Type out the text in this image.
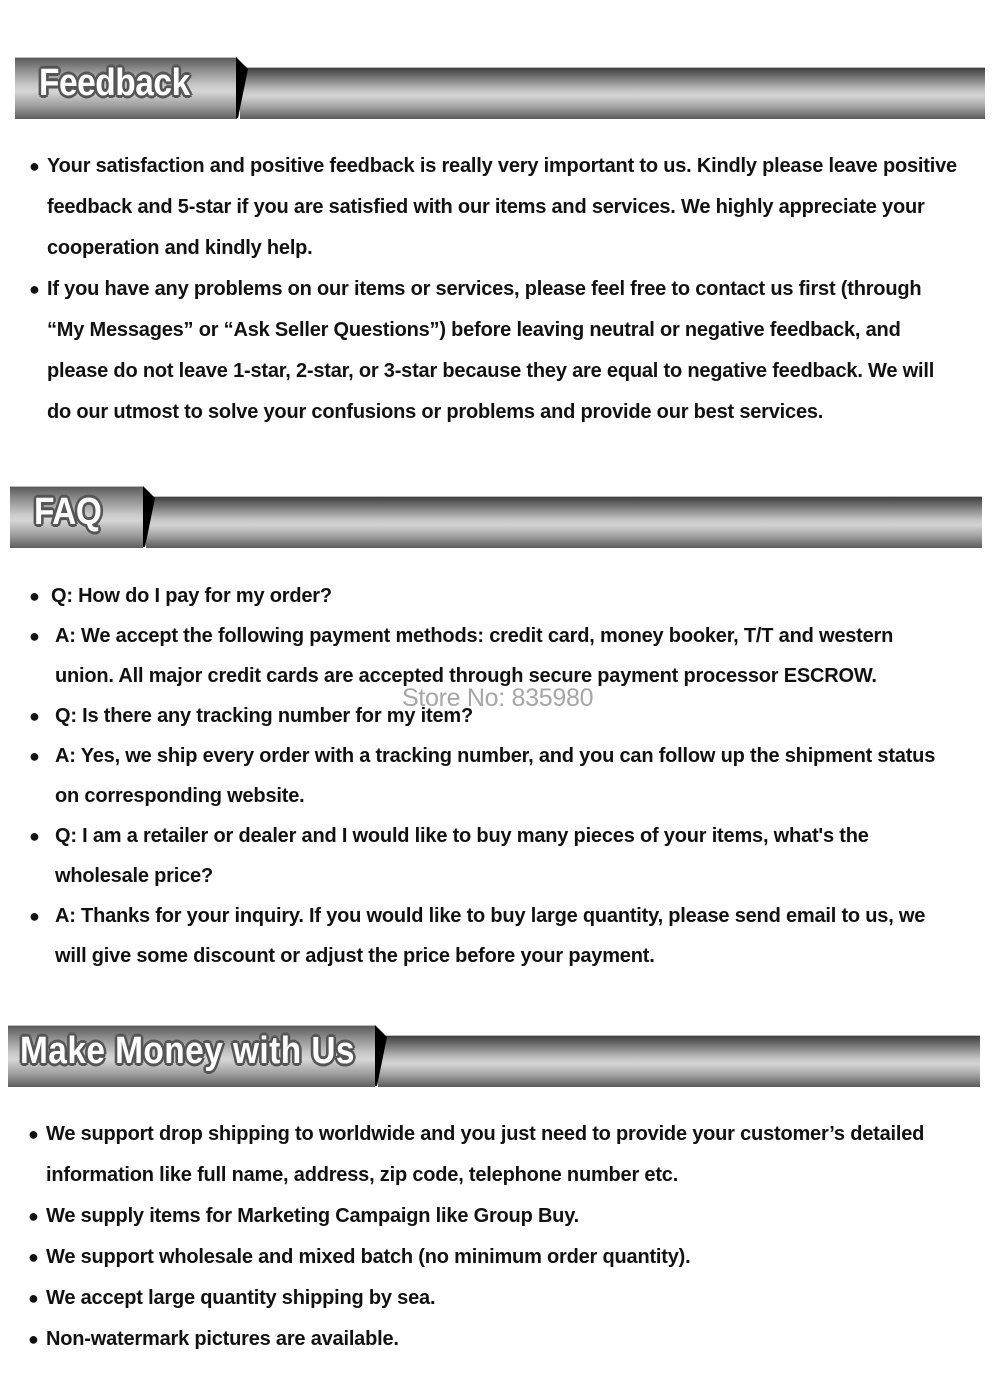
Feedback
● Your satisfaction and positive feedback is really very important to us. Kindly please leave positive
feedback and 5-star if you are satisfied with our items and services. We highly appreciate your
cooperation and kindly help.
● If you have any problems on our items or services, please feel free to contact us first (through
“My Messages” or “Ask Seller Questions”) before leaving neutral or negative feedback, and
please do not leave 1-star, 2-star, or 3-star because they are equal to negative feedback. We will
do our utmost to solve your confusions or problems and provide our best services.
FAQ
● Q: How do I pay for my order?
● A: We accept the following payment methods: credit card, money booker, T/T and western
union. All major credit cards are accepted through secure payment processor ESCROW.
● Q: Is there any tracking number for my item?
● A: Yes, we ship every order with a tracking number, and you can follow up the shipment status
on corresponding website.
● Q: I am a retailer or dealer and I would like to buy many pieces of your items, what's the
wholesale price?
● A: Thanks for your inquiry. If you would like to buy large quantity, please send email to us, we
will give some discount or adjust the price before your payment.
Store No: 835980
Make Money with Us
● We support drop shipping to worldwide and you just need to provide your customer’s detailed
information like full name, address, zip code, telephone number etc.
● We supply items for Marketing Campaign like Group Buy.
● We support wholesale and mixed batch (no minimum order quantity).
● We accept large quantity shipping by sea.
● Non-watermark pictures are available.
